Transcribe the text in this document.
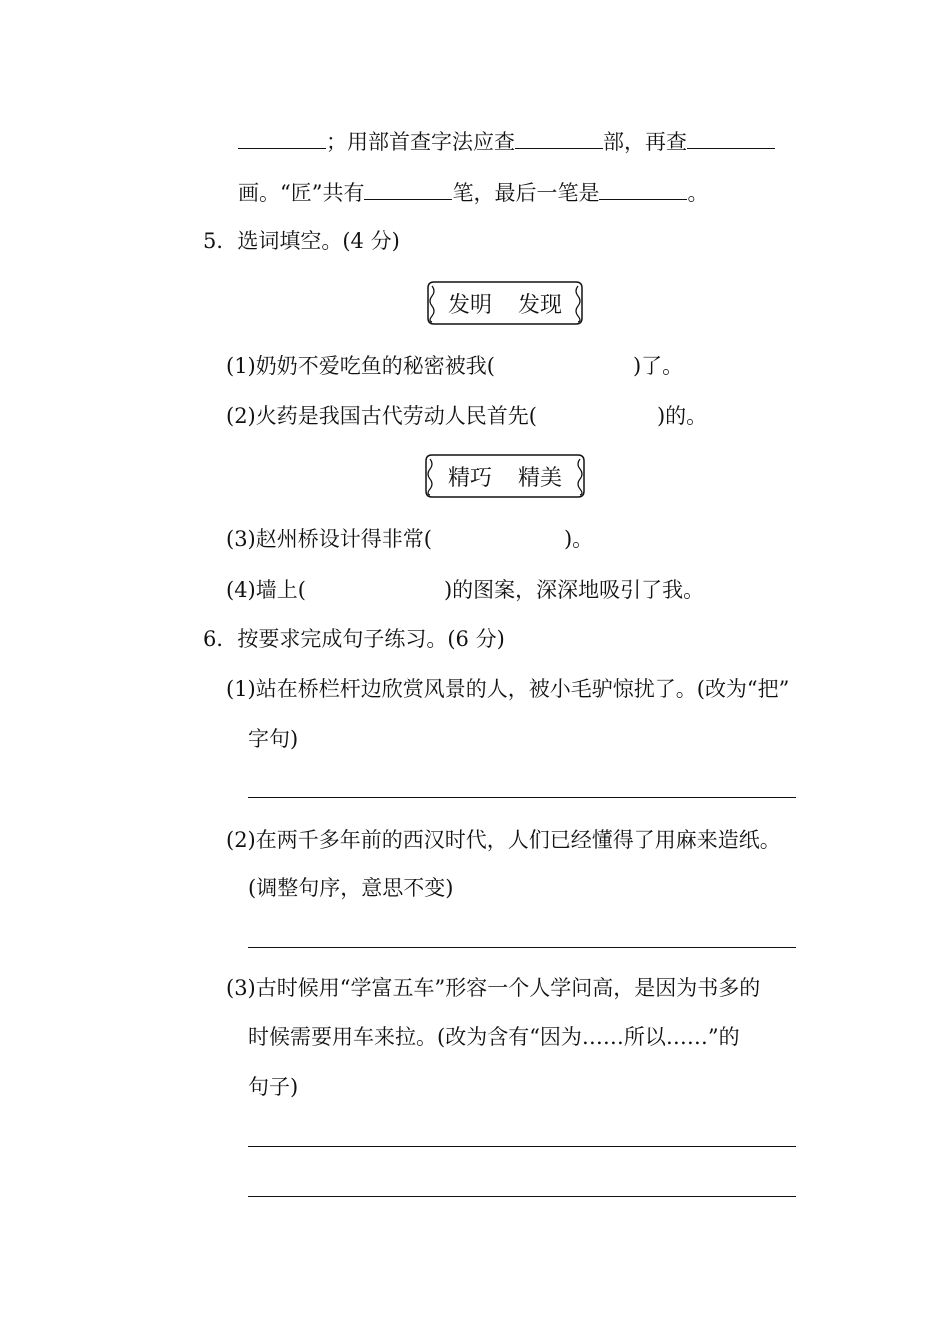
；用部首查字法应查	部，再查
画。“匠”共有	笔，最后一笔是	。
5．选词填空。(4 分)
发明 发现
(1)奶奶不爱吃鱼的秘密被我(	)了。
(2)火药是我国古代劳动人民首先(	)的。
精巧 精美
(3)赵州桥设计得非常(	)。
(4)墙上(	)的图案，深深地吸引了我。
6．按要求完成句子练习。(6 分)
(1)站在桥栏杆边欣赏风景的人，被小毛驴惊扰了。(改为“把”
字句)
(2)在两千多年前的西汉时代，人们已经懂得了用麻来造纸。
(调整句序，意思不变)
(3)古时候用“学富五车”形容一个人学问高，是因为书多的
时候需要用车来拉。(改为含有“因为……所以……”的
句子)
